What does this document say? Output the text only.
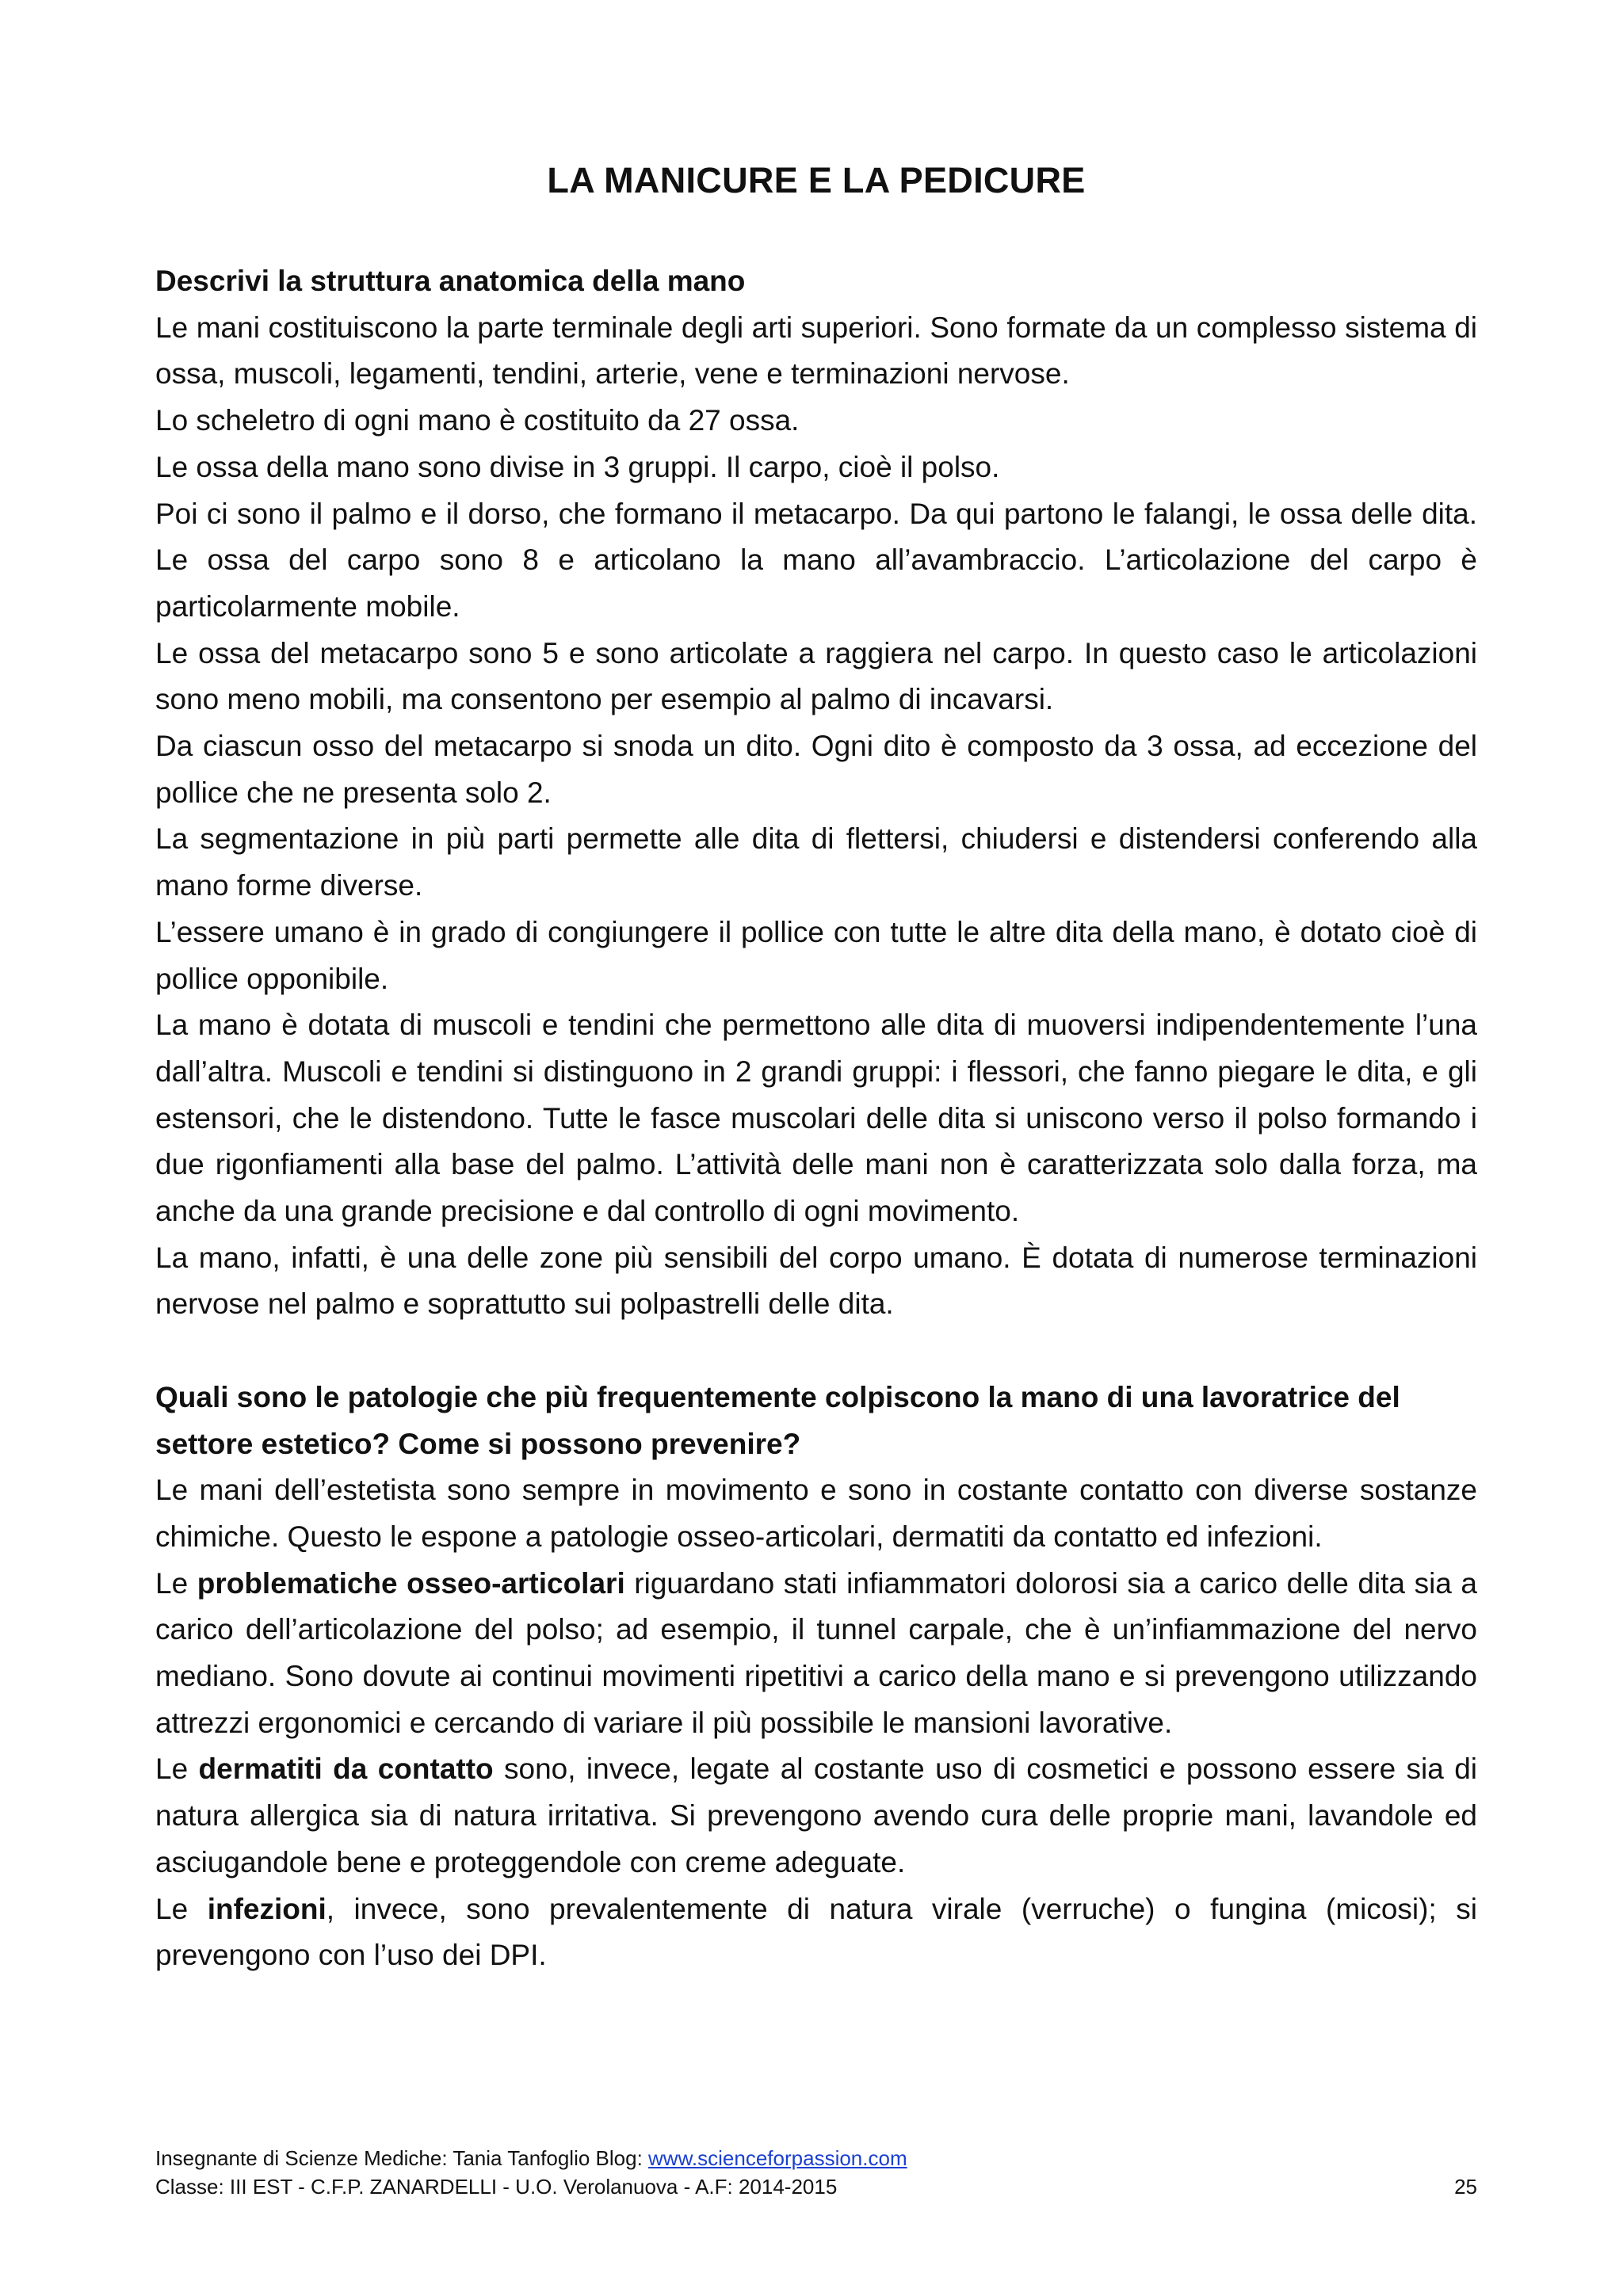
LA MANICURE E LA PEDICURE

Descrivi la struttura anatomica della mano

Le mani costituiscono la parte terminale degli arti superiori. Sono formate da un complesso sistema di ossa, muscoli, legamenti, tendini, arterie, vene e terminazioni nervose.

Lo scheletro di ogni mano è costituito da 27 ossa.

Le ossa della mano sono divise in 3 gruppi. Il carpo, cioè il polso.

Poi ci sono il palmo e il dorso, che formano il metacarpo. Da qui partono le falangi, le ossa delle dita. Le ossa del carpo sono 8 e articolano la mano all’avambraccio. L’articolazione del carpo è particolarmente mobile.

Le ossa del metacarpo sono 5 e sono articolate a raggiera nel carpo. In questo caso le articolazioni sono meno mobili, ma consentono per esempio al palmo di incavarsi.

Da ciascun osso del metacarpo si snoda un dito. Ogni dito è composto da 3 ossa, ad eccezione del pollice che ne presenta solo 2.

La segmentazione in più parti permette alle dita di flettersi, chiudersi e distendersi conferendo alla mano forme diverse.

L’essere umano è in grado di congiungere il pollice con tutte le altre dita della mano, è dotato cioè di pollice opponibile.

La mano è dotata di muscoli e tendini che permettono alle dita di muoversi indipendentemente l’una dall’altra. Muscoli e tendini si distinguono in 2 grandi gruppi: i flessori, che fanno piegare le dita, e gli estensori, che le distendono. Tutte le fasce muscolari delle dita si uniscono verso il polso formando i due rigonfiamenti alla base del palmo. L’attività delle mani non è caratterizzata solo dalla forza, ma anche da una grande precisione e dal controllo di ogni movimento.

La mano, infatti, è una delle zone più sensibili del corpo umano. È dotata di numerose terminazioni nervose nel palmo e soprattutto sui polpastrelli delle dita.

Quali sono le patologie che più frequentemente colpiscono la mano di una lavoratrice del

settore estetico? Come si possono prevenire?

Le mani dell’estetista sono sempre in movimento e sono in costante contatto con diverse sostanze chimiche. Questo le espone a patologie osseo-articolari, dermatiti da contatto ed infezioni.

Le problematiche osseo-articolari riguardano stati infiammatori dolorosi sia a carico delle dita sia a carico dell’articolazione del polso; ad esempio, il tunnel carpale, che è un’infiammazione del nervo mediano. Sono dovute ai continui movimenti ripetitivi a carico della mano e si prevengono utilizzando attrezzi ergonomici e cercando di variare il più possibile le mansioni lavorative.

Le dermatiti da contatto sono, invece, legate al costante uso di cosmetici e possono essere sia di natura allergica sia di natura irritativa. Si prevengono avendo cura delle proprie mani, lavandole ed asciugandole bene e proteggendole con creme adeguate.

Le infezioni, invece, sono prevalentemente di natura virale (verruche) o fungina (micosi); si prevengono con l’uso dei DPI.

Insegnante di Scienze Mediche: Tania Tanfoglio Blog: www.scienceforpassion.com
Classe: III EST - C.F.P. ZANARDELLI - U.O. Verolanuova - A.F: 2014-2015	25
